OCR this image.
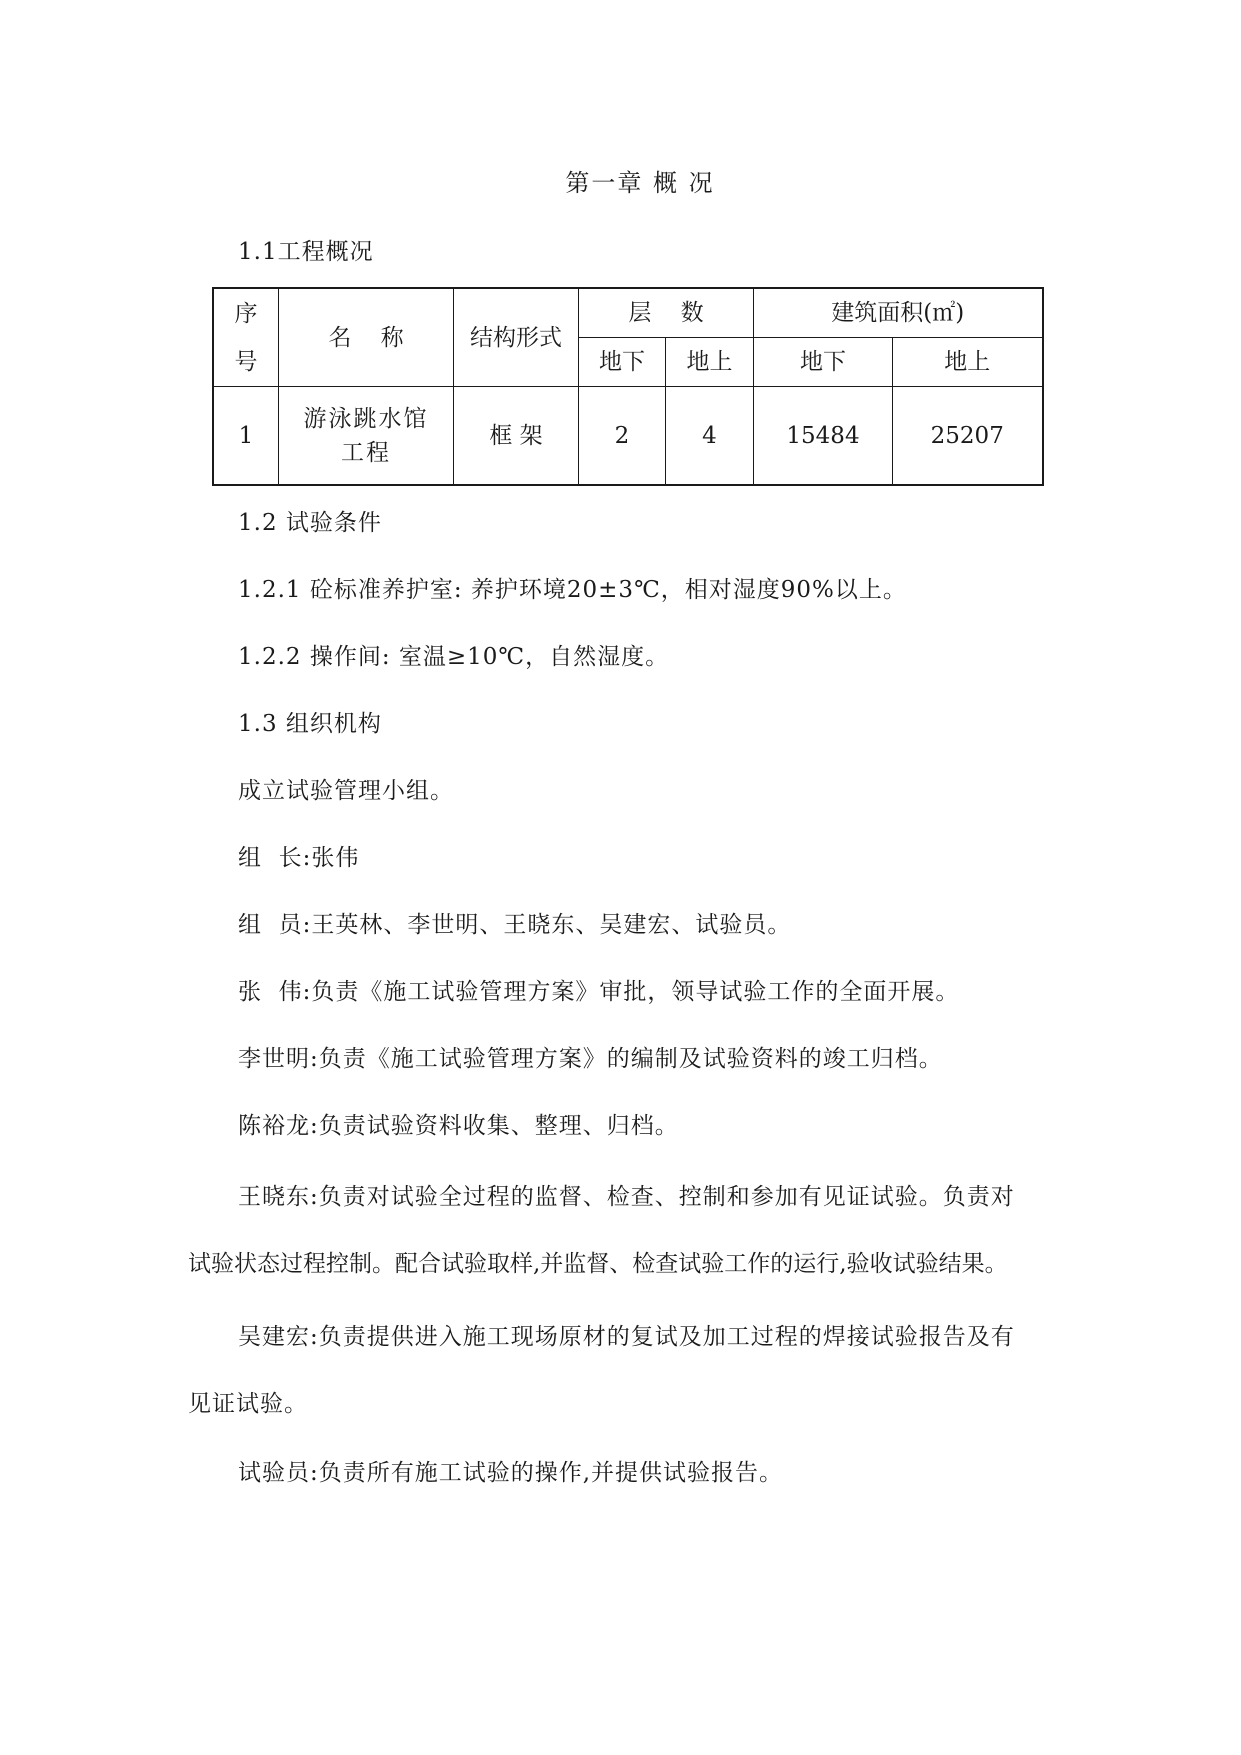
第一章 概 况
1.1工程概况
序号	名    称	结构形式	层    数		建筑面积(㎡)	
			地下	地上	地下	地上
1	游泳跳水馆工程	框 架	2	4	15484	25207
1.2 试验条件
1.2.1 砼标准养护室: 养护环境20±3℃，相对湿度90%以上。
1.2.2 操作间: 室温≥10℃，自然湿度。
1.3 组织机构
成立试验管理小组。
组  长:张伟
组  员:王英林、李世明、王晓东、吴建宏、试验员。
张  伟:负责《施工试验管理方案》审批，领导试验工作的全面开展。
李世明:负责《施工试验管理方案》的编制及试验资料的竣工归档。
陈裕龙:负责试验资料收集、整理、归档。
王晓东:负责对试验全过程的监督、检查、控制和参加有见证试验。负责对
试验状态过程控制。配合试验取样,并监督、检查试验工作的运行,验收试验结果。
吴建宏:负责提供进入施工现场原材的复试及加工过程的焊接试验报告及有
见证试验。
试验员:负责所有施工试验的操作,并提供试验报告。
